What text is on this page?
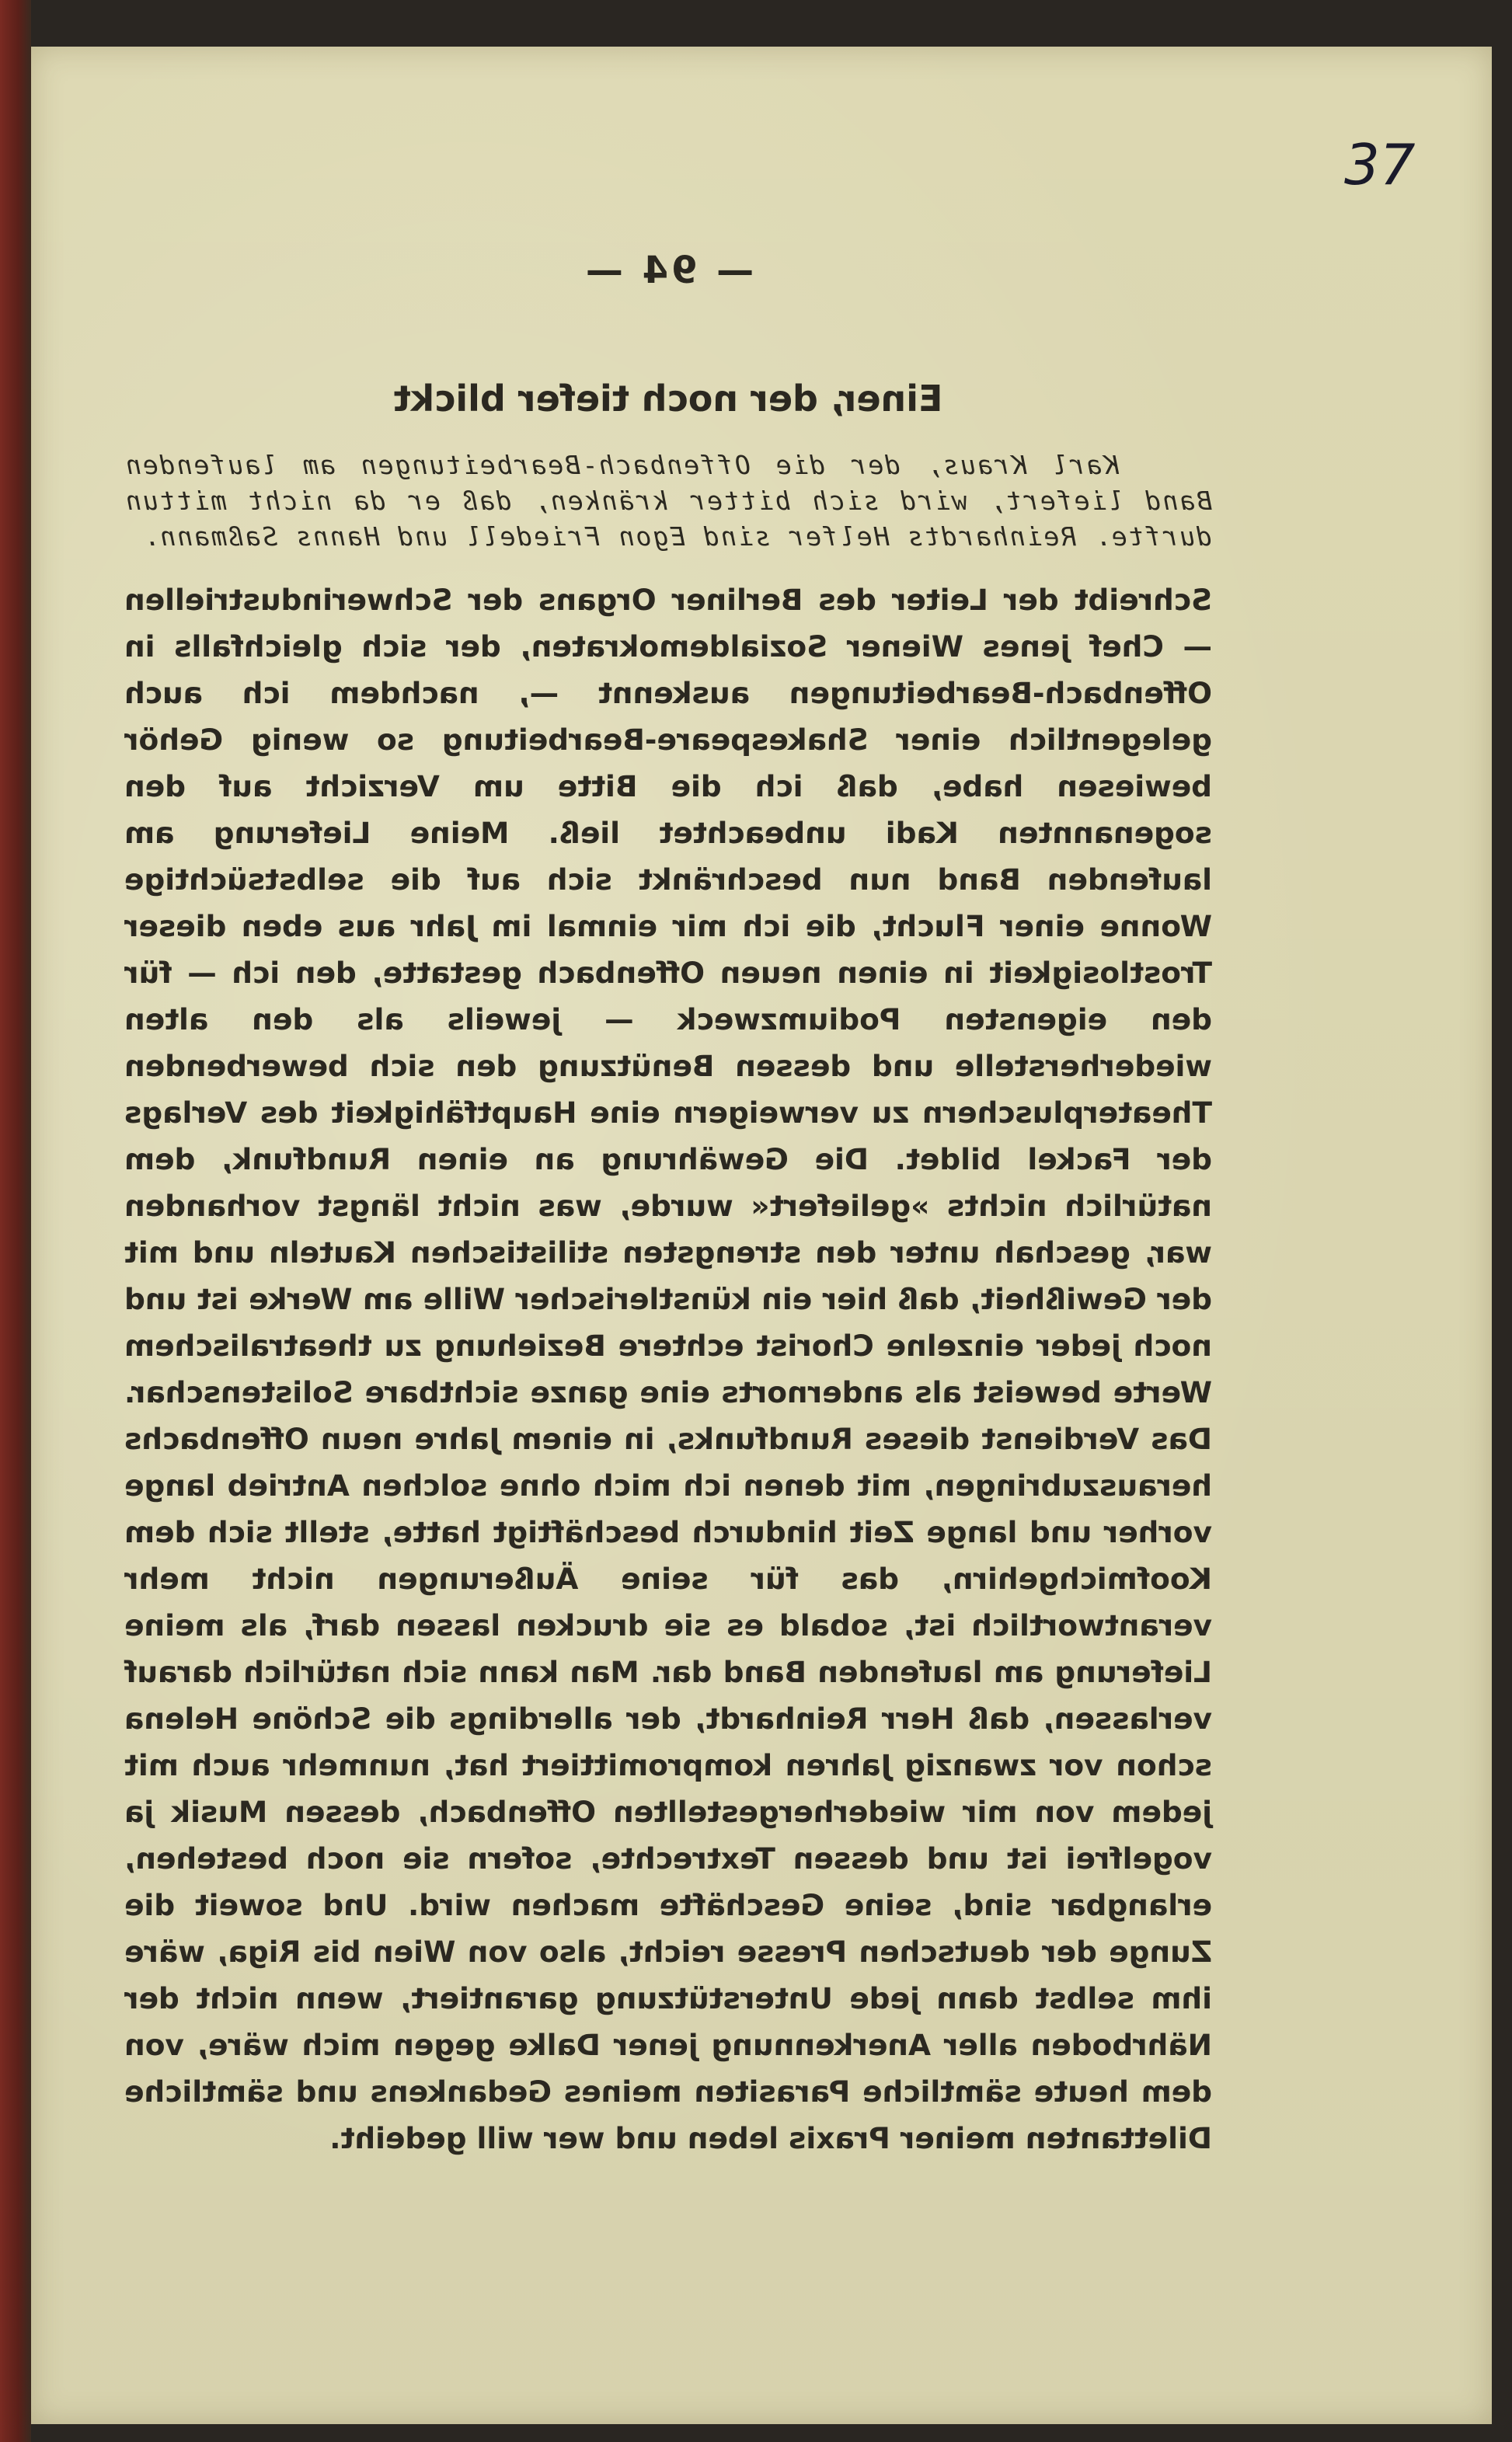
37

— 94 —

Einer, der noch tiefer blickt

Karl Kraus, der die Offenbach-Bearbeitungen am laufenden Band liefert, wird sich bitter kränken, daß er da nicht mittun durfte. Reinhardts Helfer sind Egon Friedell und Hanns Saßmann.

Schreibt der Leiter des Berliner Organs der Schwerindustriellen — Chef jenes Wiener Sozialdemokraten, der sich gleichfalls in Offenbach-Bearbeitungen auskennt —, nachdem ich auch gelegentlich einer Shakespeare-Bearbeitung so wenig Gehör bewiesen habe, daß ich die Bitte um Verzicht auf den sogenannten Kadi unbeachtet ließ. Meine Lieferung am laufenden Band nun beschränkt sich auf die selbstsüchtige Wonne einer Flucht, die ich mir einmal im Jahr aus eben dieser Trostlosigkeit in einen neuen Offenbach gestatte, den ich — für den eigensten Podiumzweck — jeweils als den alten wiederherstelle und dessen Benützung den sich bewerbenden Theaterpluschern zu verweigern eine Hauptfähigkeit des Verlags der Fackel bildet. Die Gewährung an einen Rundfunk, dem natürlich nichts »geliefert« wurde, was nicht längst vorhanden war, geschah unter den strengsten stilistischen Kauteln und mit der Gewißheit, daß hier ein künstlerischer Wille am Werke ist und noch jeder einzelne Chorist echtere Beziehung zu theatralischem Werte beweist als andernorts eine ganze sichtbare Solistenschar. Das Verdienst dieses Rundfunks, in einem Jahre neun Offenbachs herauszubringen, mit denen ich mich ohne solchen Antrieb lange vorher und lange Zeit hindurch beschäftigt hatte, stellt sich dem Koofmichgehirn, das für seine Äußerungen nicht mehr verantwortlich ist, sobald es sie drucken lassen darf, als meine Lieferung am laufenden Band dar. Man kann sich natürlich darauf verlassen, daß Herr Reinhardt, der allerdings die Schöne Helena schon vor zwanzig Jahren kompromittiert hat, nunmehr auch mit jedem von mir wiederhergestellten Offenbach, dessen Musik ja vogelfrei ist und dessen Textrechte, sofern sie noch bestehen, erlangbar sind, seine Geschäfte machen wird. Und soweit die Zunge der deutschen Presse reicht, also von Wien bis Riga, wäre ihm selbst dann jede Unterstützung garantiert, wenn nicht der Nährboden aller Anerkennung jener Dalke gegen mich wäre, von dem heute sämtliche Parasiten meines Gedankens und sämtliche Dilettanten meiner Praxis leben und wer will gedeiht.
